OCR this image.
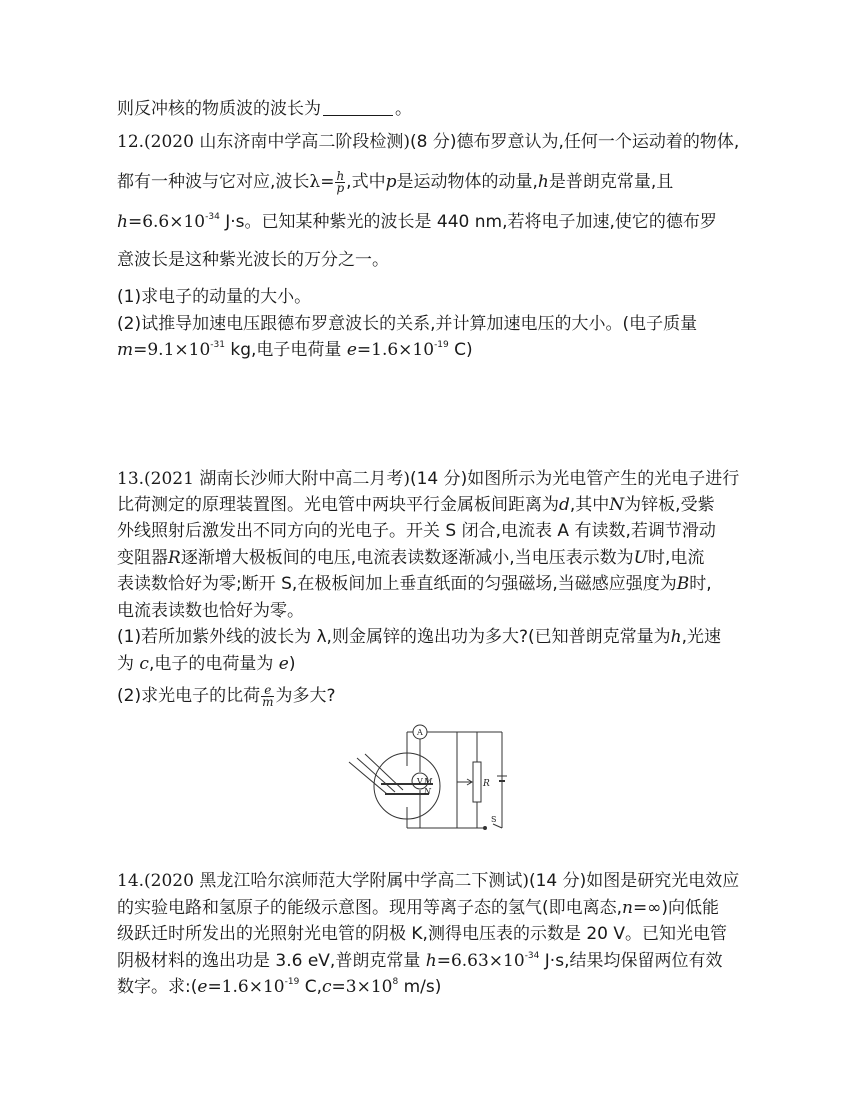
则反冲核的物质波的波长为	。
12.(2020 山东济南中学高二阶段检测)(8 分)德布罗意认为,任何一个运动着的物体,
都有一种波与它对应,波长$\lambda= \frac{h}{p}$ ,式中p是运动物体的动量,h是普朗克常量,且
$h=6.6\times 10^{-34}$ J·s。已知某种紫光的波长是 440 nm,若将电子加速,使它的德布罗
意波长是这种紫光波长的万分之一。
(1)求电子的动量的大小。
(2)试推导加速电压跟德布罗意波长的关系,并计算加速电压的大小。(电子质量
$m=9.1\times 10^{-31}$ kg,电子电荷量 $e=1.6\times 10^{-19}$ C)
13.(2021 湖南长沙师大附中高二月考)(14 分)如图所示为光电管产生的光电子进行
比荷测定的原理装置图。光电管中两块平行金属板间距离为d,其中N为锌板,受紫
外线照射后激发出不同方向的光电子。开关 S 闭合,电流表 A 有读数,若调节滑动
变阻器R逐渐增大极板间的电压,电流表读数逐渐减小,当电压表示数为U时,电流
表读数恰好为零;断开 S,在极板间加上垂直纸面的匀强磁场,当磁感应强度为B时,
电流表读数也恰好为零。
(1)若所加紫外线的波长为 λ,则金属锌的逸出功为多大?(已知普朗克常量为h,光速
为 c,电子的电荷量为 e)
(2)求光电子的比荷 $\frac{e}{m}$ 为多大?
A
V	R
M
N
S
14.(2020 黑龙江哈尔滨师范大学附属中学高二下测试)(14 分)如图是研究光电效应
的实验电路和氢原子的能级示意图。现用等离子态的氢气(即电离态,n=∞)向低能
级跃迁时所发出的光照射光电管的阴极 K,测得电压表的示数是 20 V。已知光电管
阴极材料的逸出功是 3.6 eV,普朗克常量 $h=6.63\times 10^{-34}$ J·s,结果均保留两位有效
数字。求$:(e=1.6\times 10^{-19}$ $C,c=3\times 10^8$ m/s)
